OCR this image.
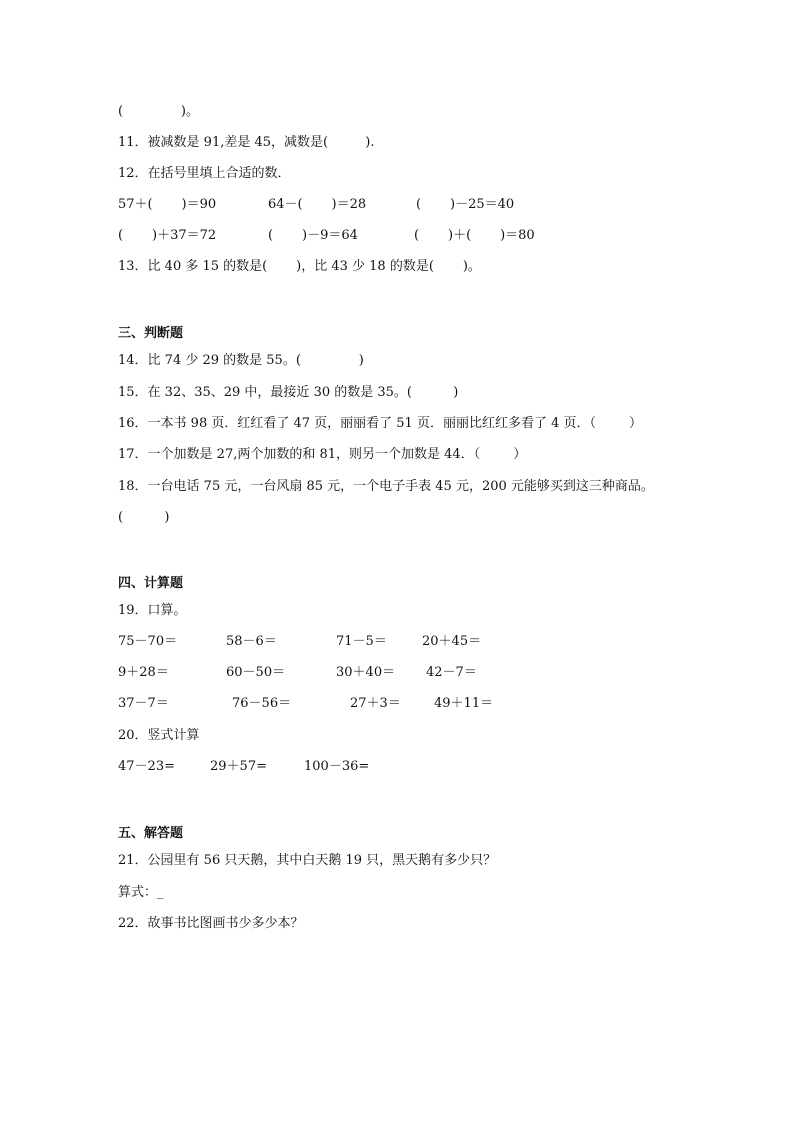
(              )。
11．被减数是 91,差是 45，减数是(         ).
12．在括号里填上合适的数．
57＋(       )＝90	64－(       )＝28	(       )－25＝40
(       )＋37＝72	(       )－9＝64	(       )＋(       )＝80
13．比 40 多 15 的数是(       )，比 43 少 18 的数是(       )。
三、判断题
14．比 74 少 29 的数是 55。(              )
15．在 32、35、29 中，最接近 30 的数是 35。(          )
16．一本书 98 页．红红看了 47 页，丽丽看了 51 页．丽丽比红红多看了 4 页．（        ）
17．一个加数是 27,两个加数的和 81，则另一个加数是 44．（        ）
18．一台电话 75 元，一台风扇 85 元，一个电子手表 45 元，200 元能够买到这三种商品。
(          )
四、计算题
19．口算。
75－70＝	58－6＝	71－5＝	20＋45＝
9＋28＝	60－50＝	30＋40＝ 42－7＝
37－7＝	76－56＝	27＋3＝	49＋11＝
20．竖式计算
47－23=	29＋57=	100－36=
五、解答题
21．公园里有 56 只天鹅，其中白天鹅 19 只，黑天鹅有多少只？
算式：_
22．故事书比图画书少多少本？
